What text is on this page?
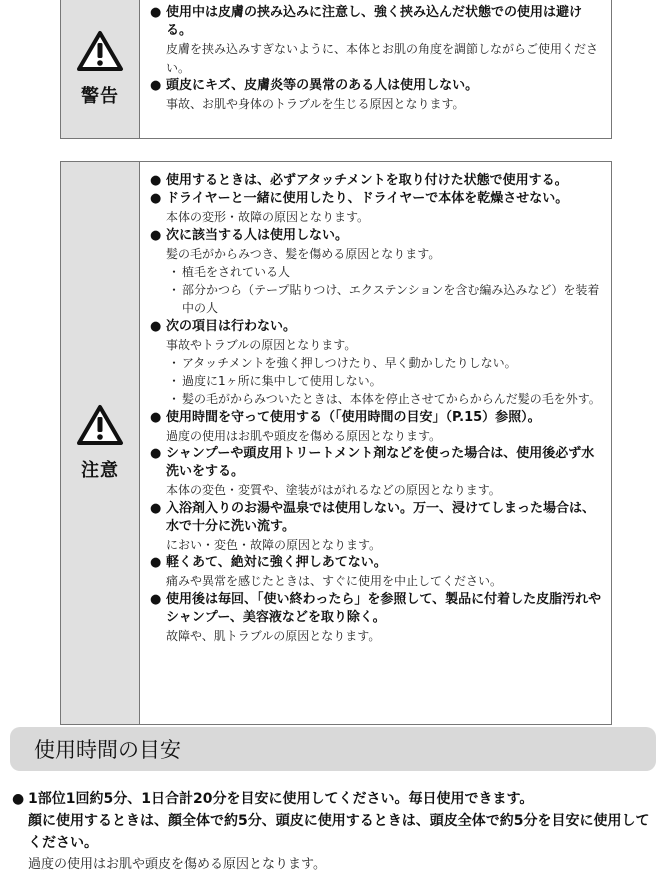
警告

● 使用中は皮膚の挟み込みに注意し、強く挟み込んだ状態での使用は避ける。

皮膚を挟み込みすぎないように、本体とお肌の角度を調節しながらご使用ください。

● 頭皮にキズ、皮膚炎等の異常のある人は使用しない。

事故、お肌や身体のトラブルを生じる原因となります。

注意

● 使用するときは、必ずアタッチメントを取り付けた状態で使用する。

● ドライヤーと一緒に使用したり、ドライヤーで本体を乾燥させない。

本体の変形・故障の原因となります。

● 次に該当する人は使用しない。

髪の毛がからみつき、髪を傷める原因となります。

・ 植毛をされている人

・ 部分かつら（テープ貼りつけ、エクステンションを含む編み込みなど）を装着中の人

● 次の項目は行わない。

事故やトラブルの原因となります。

・ アタッチメントを強く押しつけたり、早く動かしたりしない。

・ 過度に1ヶ所に集中して使用しない。

・ 髪の毛がからみついたときは、本体を停止させてからからんだ髪の毛を外す。

● 使用時間を守って使用する（「使用時間の目安」（P.15）参照）。

過度の使用はお肌や頭皮を傷める原因となります。

● シャンプーや頭皮用トリートメント剤などを使った場合は、使用後必ず水洗いをする。

本体の変色・変質や、塗装がはがれるなどの原因となります。

● 入浴剤入りのお湯や温泉では使用しない。万一、浸けてしまった場合は、水で十分に洗い流す。

におい・変色・故障の原因となります。

● 軽くあて、絶対に強く押しあてない。

痛みや異常を感じたときは、すぐに使用を中止してください。

● 使用後は毎回、「使い終わったら」を参照して、製品に付着した皮脂汚れやシャンプー、美容液などを取り除く。

故障や、肌トラブルの原因となります。

使用時間の目安

● 1部位1回約5分、1日合計20分を目安に使用してください。毎日使用できます。
顔に使用するときは、顔全体で約5分、頭皮に使用するときは、頭皮全体で約5分を目安に使用してください。

過度の使用はお肌や頭皮を傷める原因となります。
